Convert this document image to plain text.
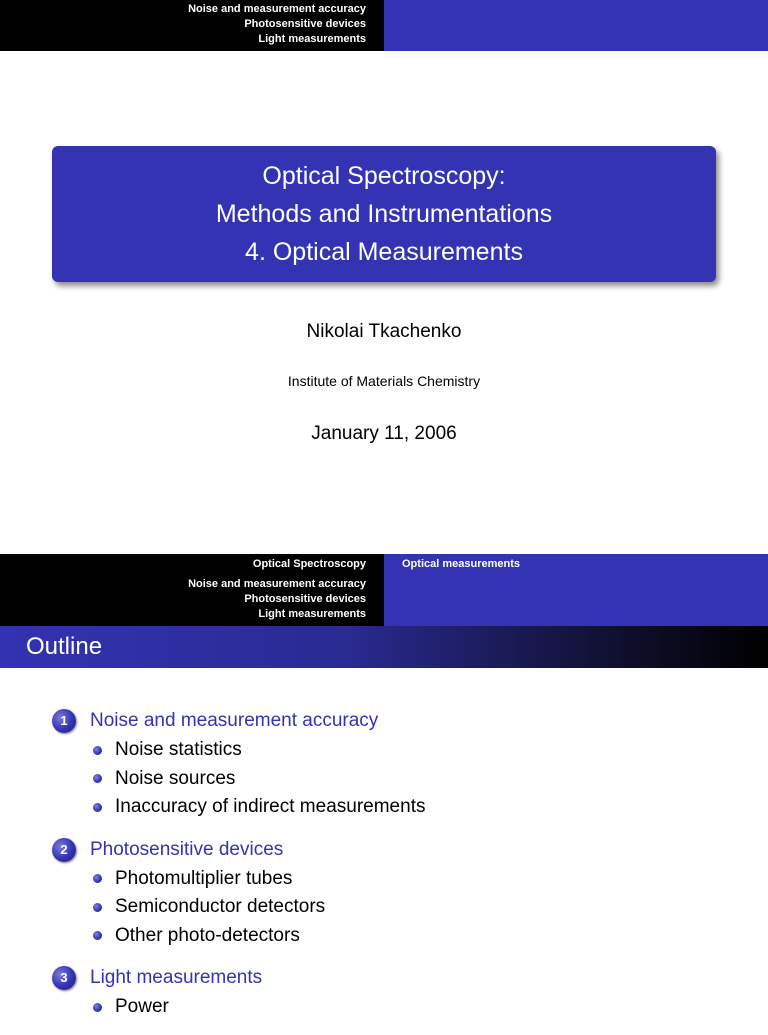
Noise and measurement accuracy
Photosensitive devices
Light measurements
Optical Spectroscopy:
Methods and Instrumentations
4. Optical Measurements
Nikolai Tkachenko
Institute of Materials Chemistry
January 11, 2006
Optical Spectroscopy
Noise and measurement accuracy
Photosensitive devices
Light measurements
Optical measurements
Outline
1	Noise and measurement accuracy
Noise statistics
Noise sources
Inaccuracy of indirect measurements
2	Photosensitive devices
Photomultiplier tubes
Semiconductor detectors
Other photo-detectors
3	Light measurements
Power
